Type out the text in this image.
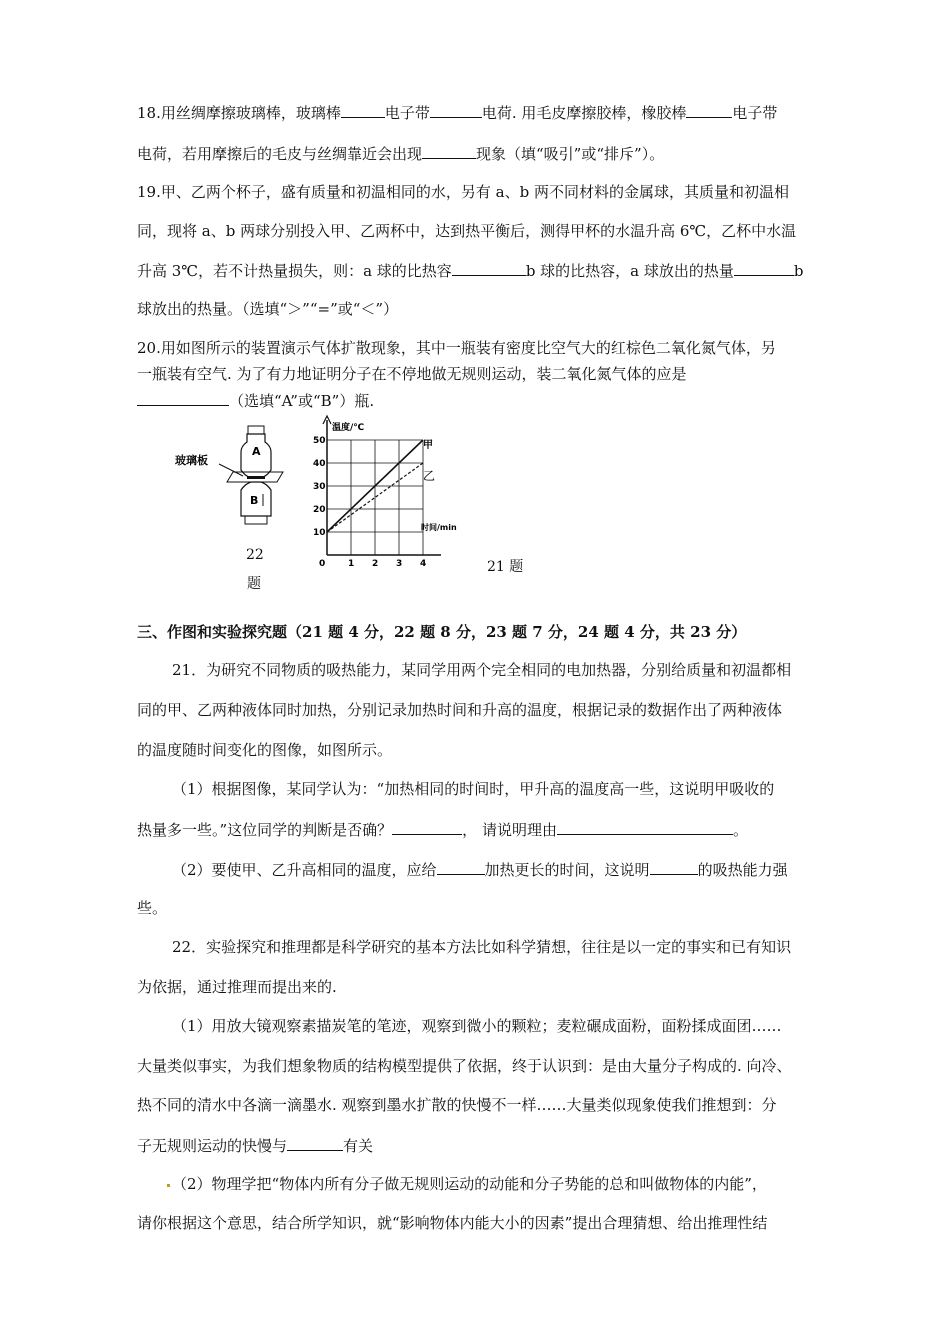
18.用丝绸摩擦玻璃棒，玻璃棒	电子带	电荷. 用毛皮摩擦胶棒，橡胶棒	电子带
电荷，若用摩擦后的毛皮与丝绸靠近会出现	现象（填“吸引”或“排斥”）。
19.甲、乙两个杯子，盛有质量和初温相同的水，另有 a、b 两不同材料的金属球，其质量和初温相
同，现将 a、b 两球分别投入甲、乙两杯中，达到热平衡后，测得甲杯的水温升高 6℃，乙杯中水温
升高 3℃，若不计热量损失，则：a 球的比热容	b 球的比热容，a 球放出的热量	b
球放出的热量。（选填“＞”“=”或“＜”）
20.用如图所示的装置演示气体扩散现象，其中一瓶装有密度比空气大的红棕色二氧化氮气体，另
一瓶装有空气. 为了有力地证明分子在不停地做无规则运动，装二氧化氮气体的应是
（选填“A”或“B”）瓶.
A
玻璃板
B
22
题
温度/℃
时间/min
0
10
20
30
40
50
1 2 3 4
甲
乙
21 题
三、作图和实验探究题（21 题 4 分，22 题 8 分，23 题 7 分，24 题 4 分，共 23 分）
21．为研究不同物质的吸热能力，某同学用两个完全相同的电加热器，分别给质量和初温都相
同的甲、乙两种液体同时加热，分别记录加热时间和升高的温度，根据记录的数据作出了两种液体
的温度随时间变化的图像，如图所示。
（1）根据图像，某同学认为：“加热相同的时间时，甲升高的温度高一些，这说明甲吸收的
热量多一些。”这位同学的判断是否确？	， 请说明理由	。
（2）要使甲、乙升高相同的温度，应给	加热更长的时间，这说明	的吸热能力强
些。
22．实验探究和推理都是科学研究的基本方法比如科学猜想，往往是以一定的事实和已有知识
为依据，通过推理而提出来的.
（1）用放大镜观察素描炭笔的笔迹，观察到微小的颗粒；麦粒碾成面粉，面粉揉成面团……
大量类似事实，为我们想象物质的结构模型提供了依据，终于认识到：是由大量分子构成的. 向冷、
热不同的清水中各滴一滴墨水. 观察到墨水扩散的快慢不一样……大量类似现象使我们推想到：分
子无规则运动的快慢与	有关
（2）物理学把“物体内所有分子做无规则运动的动能和分子势能的总和叫做物体的内能”，
请你根据这个意思，结合所学知识，就“影响物体内能大小的因素”提出合理猜想、给出推理性结
